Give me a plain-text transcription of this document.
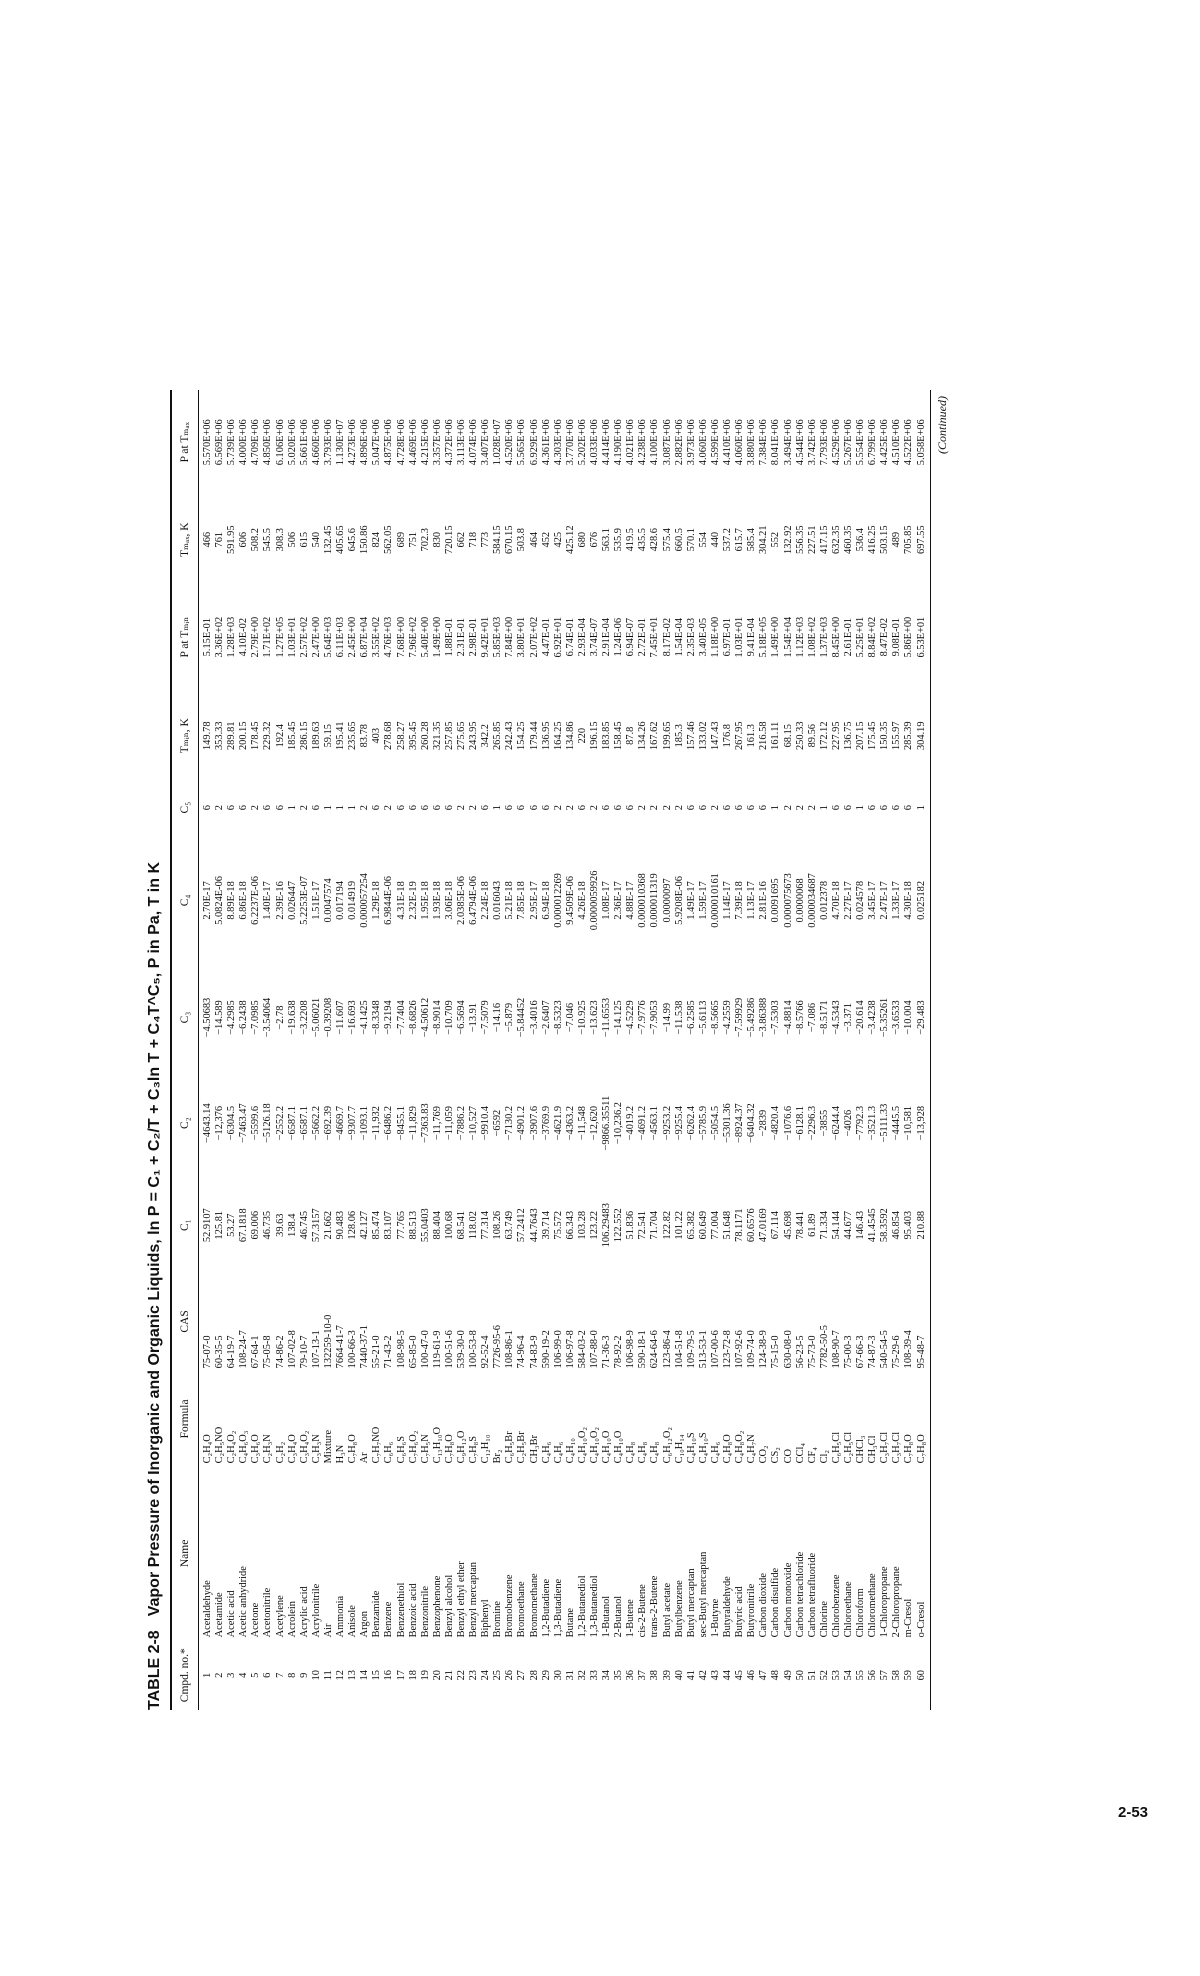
TABLE 2-8Vapor Pressure of Inorganic and Organic Liquids, ln P = C₁ + C₂/T + C₃ln T + C₄T^C₅, P in Pa, T in K
Cmpd. no.*	Name	Formula	CAS	C₁	C₂	C₃	C₄	C₅	Tₘᵢₙ, K	P at Tₘᵢₙ	Tₘₐₓ, K	P at Tₘₐₓ
1	Acetaldehyde	C₂H₄O	75-07-0	52.9107	−4643.14	−4.50683	2.70E-17	6	149.78	5.15E-01	466	5.570E+06
2	Acetamide	C₂H₅NO	60-35-5	125.81	−12,376	−14.589	5.0824E-06	2	353.33	3.36E+02	761	6.569E+06
3	Acetic acid	C₂H₄O₂	64-19-7	53.27	−6304.5	−4.2985	8.89E-18	6	289.81	1.28E+03	591.95	5.739E+06
4	Acetic anhydride	C₄H₆O₃	108-24-7	67.1818	−7463.47	−6.2438	6.86E-18	6	200.15	4.10E-02	606	4.000E+06
5	Acetone	C₃H₆O	67-64-1	69.006	−5599.6	−7.0985	6.2237E-06	2	178.45	2.79E+00	508.2	4.709E+06
6	Acetonitrile	C₂H₃N	75-05-8	46.735	−5126.18	−3.54064	1.40E-17	6	229.32	1.71E+02	545.5	4.850E+06
7	Acetylene	C₂H₂	74-86-2	39.63	−2552.2	−2.78	2.39E-16	6	192.4	1.27E+05	308.3	6.106E+06
8	Acrolein	C₃H₄O	107-02-8	138.4	−6587.1	−19.638	0.026447	1	185.45	1.03E+01	506	5.020E+06
9	Acrylic acid	C₃H₄O₂	79-10-7	46.745	−6587.1	−3.2208	5.2253E-07	2	286.15	2.57E+02	615	5.661E+06
10	Acrylonitrile	C₃H₃N	107-13-1	57.3157	−5662.2	−5.06021	1.51E-17	6	189.63	2.47E+00	540	4.660E+06
11	Air	Mixture	132259-10-0	21.662	−692.39	−0.39208	0.0047574	1	59.15	5.64E+03	132.45	3.793E+06
12	Ammonia	H₃N	7664-41-7	90.483	−4669.7	−11.607	0.017194	1	195.41	6.11E+03	405.65	1.130E+07
13	Anisole	C₇H₈O	100-66-3	128.06	−9307.7	−16.693	0.014919	1	235.65	2.45E+00	645.6	4.273E+06
14	Argon	Ar	7440-37-1	42.127	−1093.1	−4.1425	0.000057254	2	83.78	6.87E+04	150.86	4.896E+06
15	Benzamide	C₇H₇NO	55-21-0	85.474	−11,932	−8.3348	1.29E-18	6	403	3.55E+02	824	5.047E+06
16	Benzene	C₆H₆	71-43-2	83.107	−6486.2	−9.2194	6.9844E-06	2	278.68	4.76E+03	562.05	4.875E+06
17	Benzenethiol	C₆H₆S	108-98-5	77.765	−8455.1	−7.7404	4.31E-18	6	258.27	7.68E+00	689	4.728E+06
18	Benzoic acid	C₇H₆O₂	65-85-0	88.513	−11,829	−8.6826	2.32E-19	6	395.45	7.96E+02	751	4.469E+06
19	Benzonitrile	C₇H₅N	100-47-0	55.0403	−7363.83	−4.50612	1.95E-18	6	260.28	5.40E+00	702.3	4.215E+06
20	Benzophenone	C₁₃H₁₀O	119-61-9	88.404	−11,769	−8.9014	1.93E-18	6	321.35	1.49E+00	830	3.357E+06
21	Benzyl alcohol	C₇H₈O	100-51-6	100.68	−11,059	−10.709	3.06E-18	6	257.85	1.88E-01	720.15	4.372E+06
22	Benzyl ethyl ether	C₉H₁₂O	539-30-0	68.541	−7886.2	−6.5694	2.0385E-06	2	275.65	2.31E-01	662	3.113E+06
23	Benzyl mercaptan	C₇H₈S	100-53-8	118.02	−10,527	−13.91	6.4794E-06	2	243.95	2.98E-01	718	4.074E+06
24	Biphenyl	C₁₂H₁₀	92-52-4	77.314	−9910.4	−7.5079	2.24E-18	6	342.2	9.42E+01	773	3.407E+06
25	Bromine	Br₂	7726-95-6	108.26	−6592	−14.16	0.016043	1	265.85	5.85E+03	584.15	1.028E+07
26	Bromobenzene	C₆H₅Br	108-86-1	63.749	−7130.2	−5.879	5.21E-18	6	242.43	7.84E+00	670.15	4.520E+06
27	Bromoethane	C₂H₅Br	74-96-4	57.2412	−4901.2	−5.84452	7.85E-18	6	154.25	3.80E+01	503.8	5.565E+06
28	Bromomethane	CH₃Br	74-83-9	44.7643	−3907.6	−3.4016	2.95E-17	6	179.44	2.07E+02	464	6.929E+06
29	1,2-Butadiene	C₄H₆	590-19-2	39.714	−3769.9	−2.6407	6.94E-18	6	136.95	4.47E-01	452	4.361E+06
30	1,3-Butadiene	C₄H₆	106-99-0	75.572	−4621.9	−8.5323	0.000012269	2	164.25	6.92E+01	425	4.303E+06
31	Butane	C₄H₁₀	106-97-8	66.343	−4363.2	−7.046	9.4509E-06	2	134.86	6.74E-01	425.12	3.770E+06
32	1,2-Butanediol	C₄H₁₀O₂	584-03-2	103.28	−11,548	−10.925	4.26E-18	6	220	2.93E-04	680	5.202E+06
33	1,3-Butanediol	C₄H₁₀O₂	107-88-0	123.22	−12,620	−13.623	0.0000059926	2	196.15	3.74E-07	676	4.033E+06
34	1-Butanol	C₄H₁₀O	71-36-3	106.29483	−9866.35511	−11.6553	1.08E-17	6	183.85	2.91E-04	563.1	4.414E+06
35	2-Butanol	C₄H₁₀O	78-92-2	122.552	−10,236.2	−14.125	2.36E-17	6	158.45	1.24E-06	535.9	4.190E+06
36	1-Butene	C₄H₈	106-98-9	51.836	−4019.2	−4.5229	4.88E-17	6	87.8	6.94E-07	419.5	4.021E+06
37	cis-2-Butene	C₄H₈	590-18-1	72.541	−4691.2	−7.9776	0.000010368	2	134.26	2.72E-01	435.5	4.238E+06
38	trans-2-Butene	C₄H₈	624-64-6	71.704	−4563.1	−7.9053	0.000011319	2	167.62	7.45E+01	428.6	4.100E+06
39	Butyl acetate	C₆H₁₂O₂	123-86-4	122.82	−9253.2	−14.99	0.0000097	2	199.65	8.17E-02	575.4	3.087E+06
40	Butylbenzene	C₁₀H₁₄	104-51-8	101.22	−9255.4	−11.538	5.9208E-06	2	185.3	1.54E-04	660.5	2.882E+06
41	Butyl mercaptan	C₄H₁₀S	109-79-5	65.382	−6262.4	−6.2585	1.49E-17	6	157.46	2.35E-03	570.1	3.973E+06
42	sec-Butyl mercaptan	C₄H₁₀S	513-53-1	60.649	−5785.9	−5.6113	1.59E-17	6	133.02	3.40E-05	554	4.060E+06
43	1-Butyne	C₄H₆	107-00-6	77.004	−5054.5	−8.5665	0.000010161	2	147.43	1.18E+00	440	4.599E+06
44	Butyraldehyde	C₄H₈O	123-72-8	51.648	−5301.36	−4.2559	1.14E-17	6	176.8	6.97E-01	537.2	4.410E+06
45	Butyric acid	C₄H₈O₂	107-92-6	78.1171	−8924.37	−7.59929	7.39E-18	6	267.95	1.03E+01	615.7	4.060E+06
46	Butyronitrile	C₄H₇N	109-74-0	60.6576	−6404.32	−5.49286	1.13E-17	6	161.3	9.41E-04	585.4	3.880E+06
47	Carbon dioxide	CO₂	124-38-9	47.0169	−2839	−3.86388	2.81E-16	6	216.58	5.18E+05	304.21	7.384E+06
48	Carbon disulfide	CS₂	75-15-0	67.114	−4820.4	−7.5303	0.0091695	1	161.11	1.49E+00	552	8.041E+06
49	Carbon monoxide	CO	630-08-0	45.698	−1076.6	−4.8814	0.000075673	2	68.15	1.54E+04	132.92	3.494E+06
50	Carbon tetrachloride	CCl₄	56-23-5	78.441	−6128.1	−8.5766	0.0000068	2	250.33	1.12E+03	556.35	4.544E+06
51	Carbon tetrafluoride	CF₄	75-73-0	61.89	−2296.3	−7.086	0.000034687	2	89.56	1.08E+02	227.51	3.742E+06
52	Chlorine	Cl₂	7782-50-5	71.334	−3855	−8.5171	0.012378	1	172.12	1.37E+03	417.15	7.793E+06
53	Chlorobenzene	C₆H₅Cl	108-90-7	54.144	−6244.4	−4.5343	4.70E-18	6	227.95	8.45E+00	632.35	4.529E+06
54	Chloroethane	C₂H₅Cl	75-00-3	44.677	−4026	−3.371	2.27E-17	6	136.75	2.61E-01	460.35	5.267E+06
55	Chloroform	CHCl₃	67-66-3	146.43	−7792.3	−20.614	0.024578	1	207.15	5.25E+01	536.4	5.554E+06
56	Chloromethane	CH₃Cl	74-87-3	41.4545	−3521.3	−3.4238	3.45E-17	6	175.45	8.84E+02	416.25	6.799E+06
57	1-Chloropropane	C₃H₇Cl	540-54-5	58.3592	−5111.33	−5.35261	2.47E-17	6	150.35	8.47E-02	503.15	4.425E+06
58	2-Chloropropane	C₃H₇Cl	75-29-6	46.854	−4445.5	−3.6533	1.33E-17	6	155.97	9.08E-01	489	4.510E+06
59	m-Cresol	C₇H₈O	108-39-4	95.403	−10,581	−10.004	4.30E-18	6	285.39	5.86E+00	705.85	4.522E+06
60	o-Cresol	C₇H₈O	95-48-7	210.88	−13,928	−29.483	0.025182	1	304.19	6.53E+01	697.55	5.058E+06 (Continued)
2-53
